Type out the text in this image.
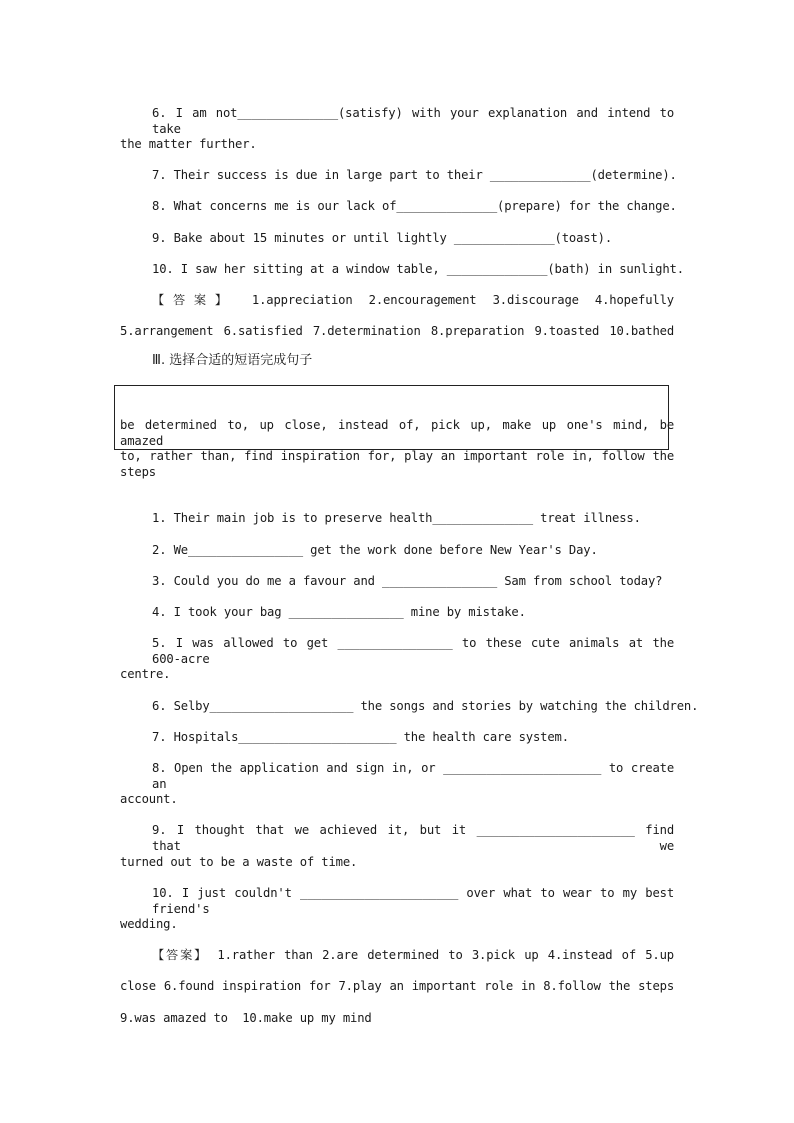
6. I am not______________(satisfy) with your explanation and intend to take
the matter further.
7. Their success is due in large part to their ______________(determine).
8. What concerns me is our lack of______________(prepare) for the change.
9. Bake about 15 minutes or until lightly ______________(toast).
10. I saw her sitting at a window table, ______________(bath) in sunlight.
【答案】 1.appreciation 2.encouragement 3.discourage 4.hopefully
5.arrangement 6.satisfied 7.determination 8.preparation 9.toasted 10.bathed
Ⅲ. 选择合适的短语完成句子
be determined to, up close, instead of, pick up, make up one's mind, be amazed
to, rather than, find inspiration for, play an important role in, follow the steps
1. Their main job is to preserve health______________ treat illness.
2. We________________ get the work done before New Year's Day.
3. Could you do me a favour and ________________ Sam from school today?
4. I took your bag ________________ mine by mistake.
5. I was allowed to get ________________ to these cute animals at the 600-acre
centre.
6. Selby____________________ the songs and stories by watching the children.
7. Hospitals______________________ the health care system.
8. Open the application and sign in, or ______________________ to create an
account.
9. I thought that we achieved it, but it ______________________ find that we
turned out to be a waste of time.
10. I just couldn't ______________________ over what to wear to my best friend's
wedding.
【答案】 1.rather than 2.are determined to 3.pick up 4.instead of 5.up
close 6.found inspiration for 7.play an important role in 8.follow the steps
9.was amazed to  10.make up my mind
